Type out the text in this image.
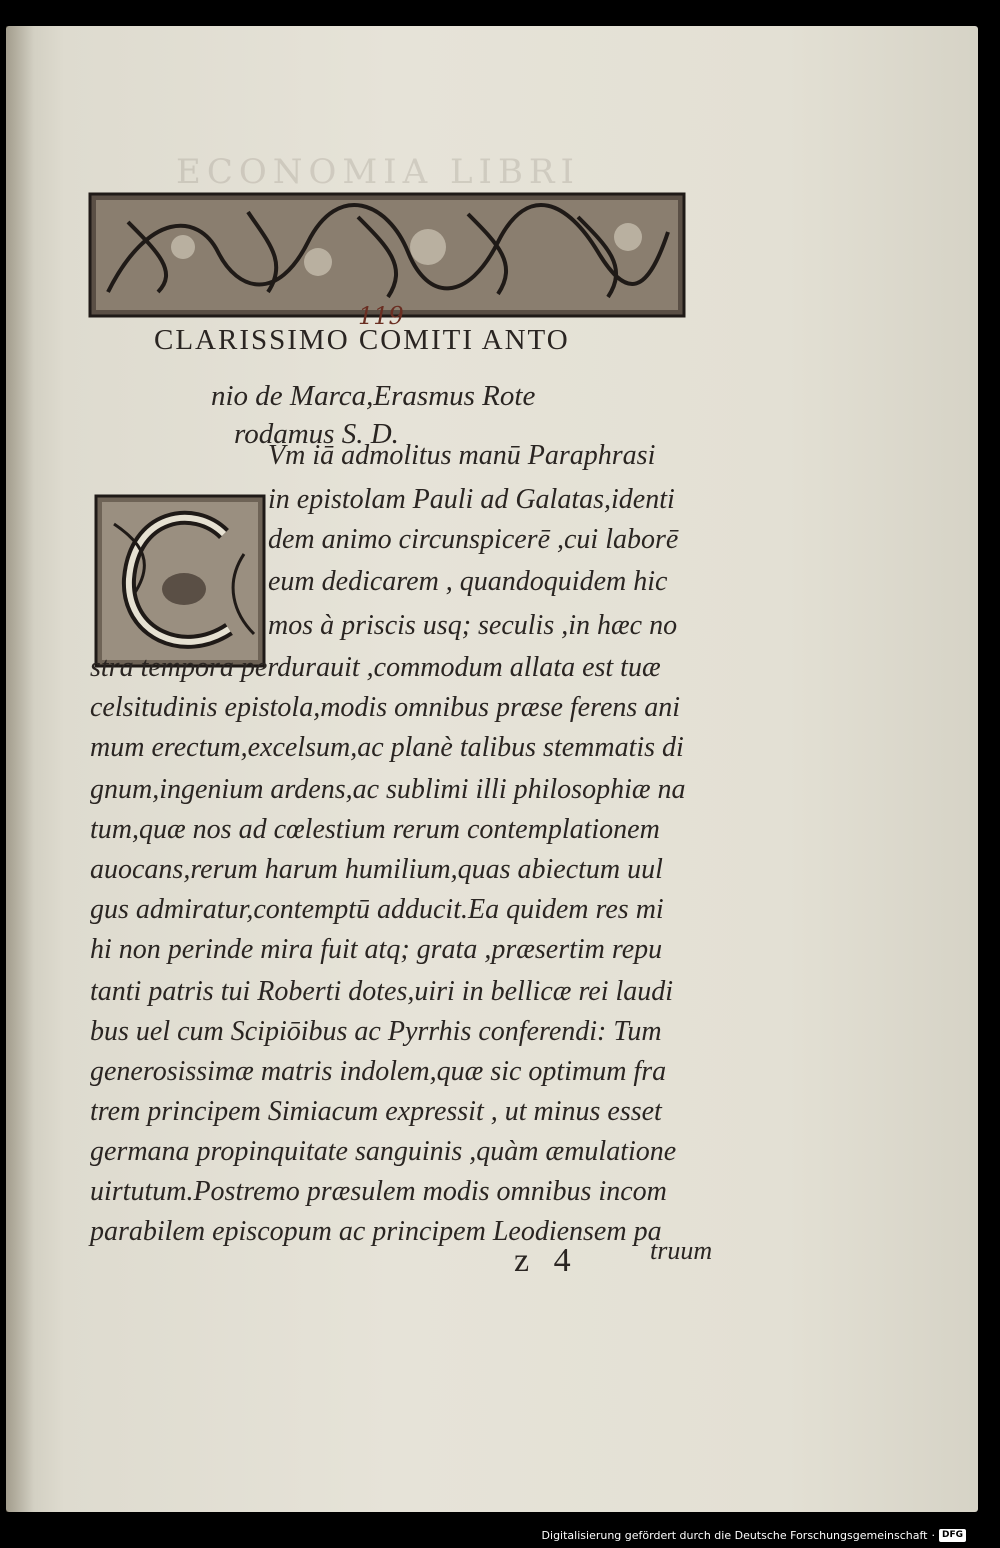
ECONOMIA LIBRI
119
CLARISSIMO COMITI ANTO
nio de Marca,Erasmus Rote
rodamus S. D.
Vm iā admolitus manū Paraphrasi
in epistolam Pauli ad Galatas,identi
dem animo circunspicerē ,cui laborē
eum dedicarem , quandoquidem hic
mos à priscis usq; seculis ,in hæc no
stra tempora perdurauit ,commodum allata est tuæ
celsitudinis epistola,modis omnibus præse ferens ani
mum erectum,excelsum,ac planè talibus stemmatis di
gnum,ingenium ardens,ac sublimi illi philosophiæ na
tum,quæ nos ad cœlestium rerum contemplationem
auocans,rerum harum humilium,quas abiectum uul
gus admiratur,contemptū adducit.Ea quidem res mi
hi non perinde mira fuit atq; grata ,præsertim repu
tanti patris tui Roberti dotes,uiri in bellicæ rei laudi
bus uel cum Scipiōibus ac Pyrrhis conferendi: Tum
generosissimæ matris indolem,quæ sic optimum fra
trem principem Simiacum expressit , ut minus esset
germana propinquitate sanguinis ,quàm æmulatione
uirtutum.Postremo præsulem modis omnibus incom
parabilem episcopum ac principem Leodiensem pa
z 4	truum
Digitalisierung gefördert durch die Deutsche Forschungsgemeinschaft · DFG
